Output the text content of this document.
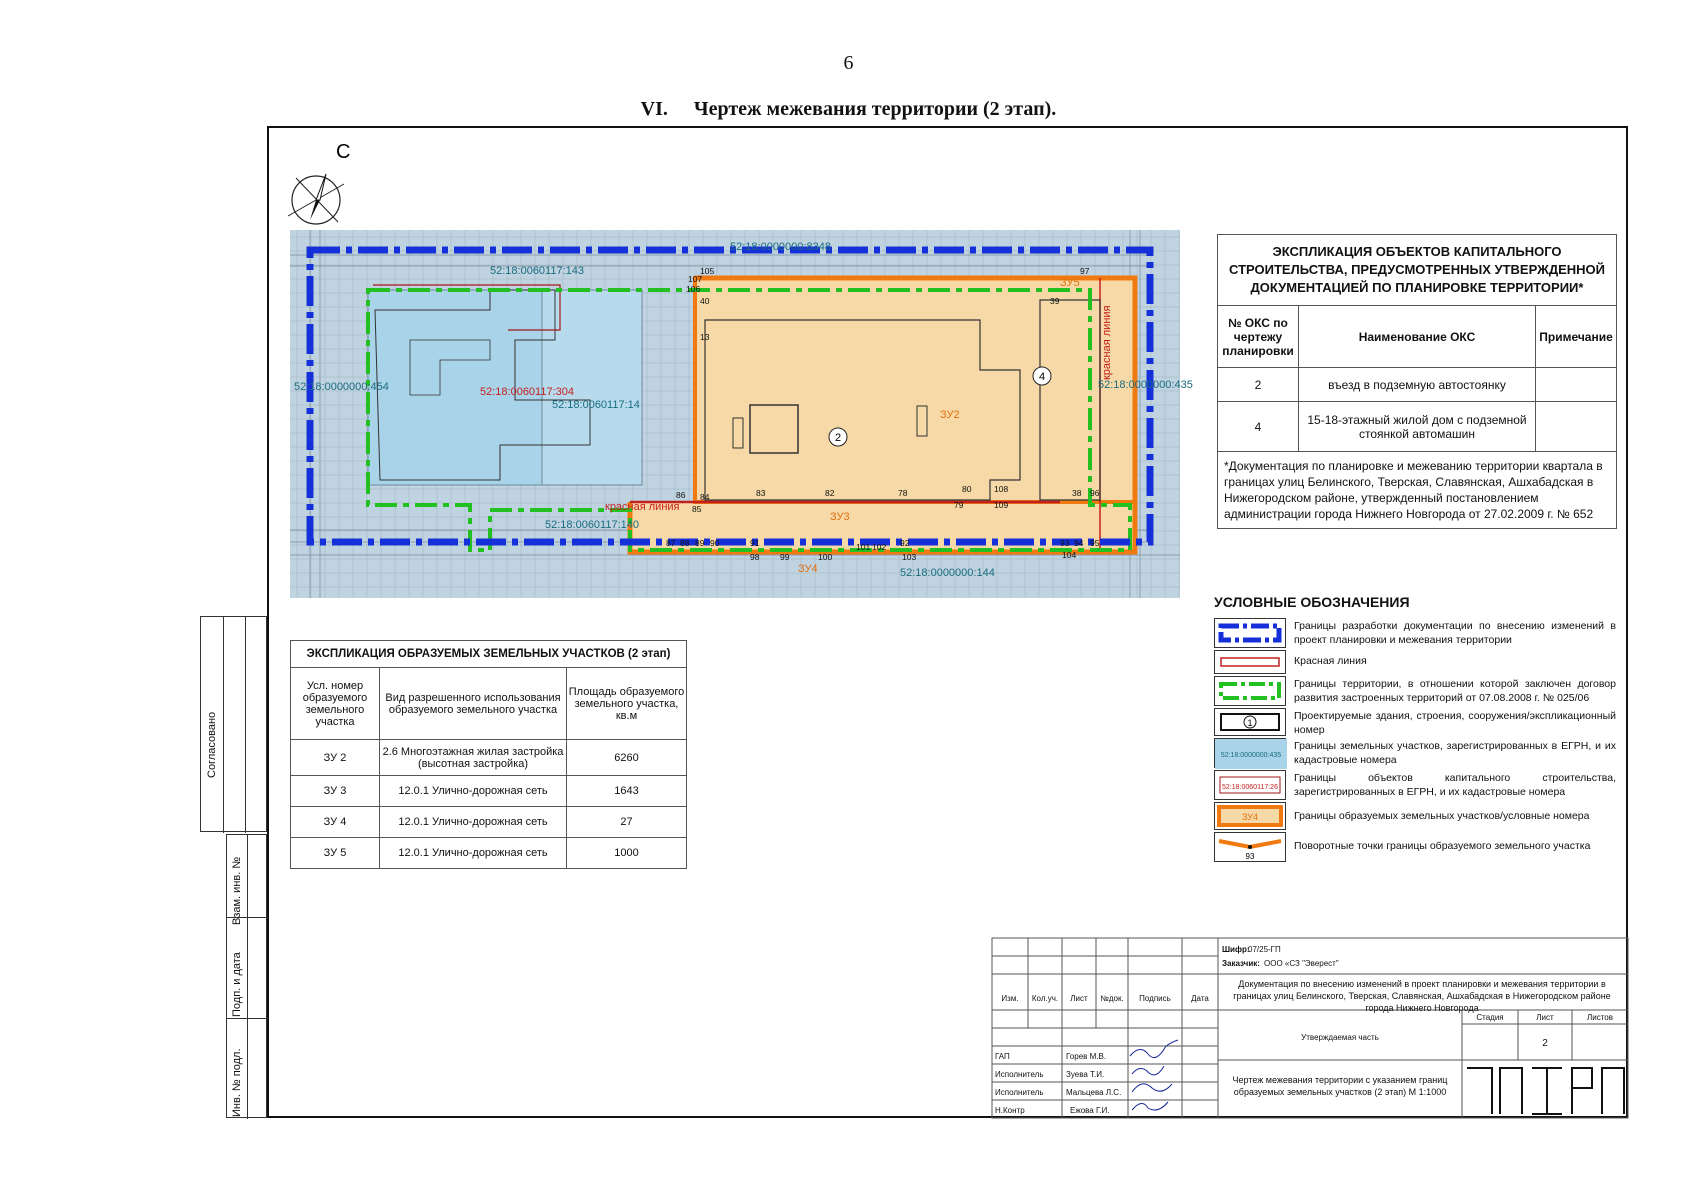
6
VI. Чертеж межевания территории (2 этап).
Согласовано
Взам. инв. №
Подп. и дата
Инв. № подл.
С
2
4
52:18:0000000:8348
52:18:0060117:143
52:18:0000000:454	52:18:0060117:304
52:18:0060117:14
52:18:0000000:435
52:18:0060117:140
52:18:0000000:144
красная линия
красная линия
ЗУ2
ЗУ3
ЗУ4
ЗУ5
105
106
97
40	39
13
84
85
86
87 88 89 90	91
98 99	100
101 102 92
103
83	82	78
79
80	108
109
38 96
93 94 95
104
107
ЭКСПЛИКАЦИЯ ОБЪЕКТОВ КАПИТАЛЬНОГО СТРОИТЕЛЬСТВА, ПРЕДУСМОТРЕННЫХ УТВЕРЖДЕННОЙ ДОКУМЕНТАЦИЕЙ ПО ПЛАНИРОВКЕ ТЕРРИТОРИИ*		
№ ОКС по чертежу планировки	Наименование ОКС	Примечание
2	въезд в подземную автостоянку	
4	15-18-этажный жилой дом с подземной стоянкой автомашин	
*Документация по планировке и межеванию территории квартала в границах улиц Белинского, Тверская, Славянская, Ашхабадская в Нижегородском районе, утвержденный постановлением администрации города Нижнего Новгорода от 27.02.2009 г. № 652		
ЭКСПЛИКАЦИЯ ОБРАЗУЕМЫХ ЗЕМЕЛЬНЫХ УЧАСТКОВ (2 этап)		
Усл. номер образуемого земельного участка	Вид разрешенного использования образуемого земельного участка	Площадь образуемого земельного участка, кв.м
ЗУ 2	2.6 Многоэтажная жилая застройка (высотная застройка)	6260
ЗУ 3	12.0.1 Улично-дорожная сеть	1643
ЗУ 4	12.0.1 Улично-дорожная сеть	27
ЗУ 5	12.0.1 Улично-дорожная сеть	1000
УСЛОВНЫЕ ОБОЗНАЧЕНИЯ
Границы разработки документации по внесению изменений в проект планировки и межевания территории
Красная линия
Границы территории, в отношении которой заключен договор развития застроенных территорий от 07.08.2008 г. № 025/06
1
Проектируемые здания, строения, сооружения/экспликационный номер
52:18:0000000:435
Границы земельных участков, зарегистрированных в ЕГРН, и их кадастровые номера
52:18:0060117:26
Границы объектов капитального строительства, зарегистрированных в ЕГРН, и их кадастровые номера
ЗУ4	Границы образуемых земельных участков/условные номера
93
Поворотные точки границы образуемого земельного участка
Изм. Кол.уч. Лист №док. Подпись	Дата
ГАП	Горев М.В.
Исполнитель	Зуева Т.И.
Исполнитель	Мальцева Л.С.
Н.Контр	Ежова Г.И.
Шифр:
07/25-ГП
Заказчик: ООО «СЗ "Эверест"
Утверждаемая часть
Стадия	Лист	Листов
2
Документация по внесению изменений в проект планировки и межевания территории в границах улиц Белинского, Тверская, Славянская, Ашхабадская в Нижегородском районе города Нижнего Новгорода
Чертеж межевания территории с указанием границ образуемых земельных участков (2 этап) М 1:1000
